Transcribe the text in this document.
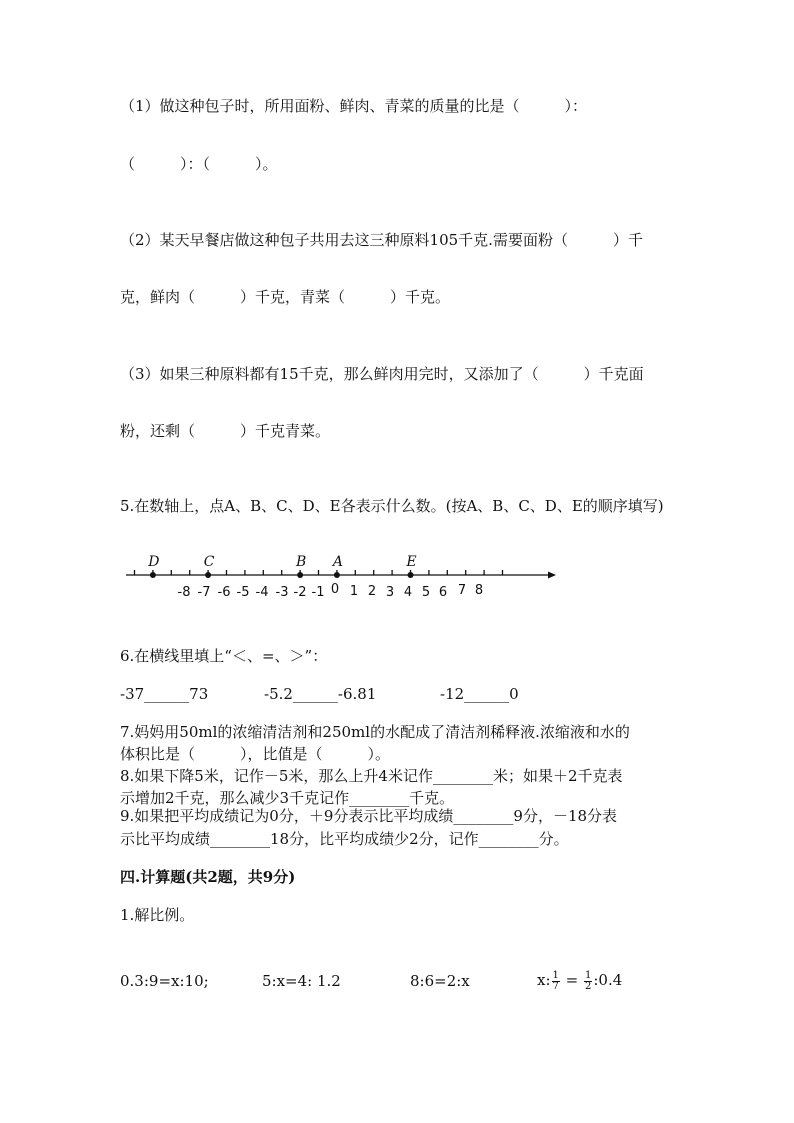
（1）做这种包子时，所用面粉、鲜肉、青菜的质量的比是（　　　）：

（　　　）：（　　　）。

（2）某天早餐店做这种包子共用去这三种原料105千克.需要面粉（　　　）千

克，鲜肉（　　　）千克，青菜（　　　）千克。

（3）如果三种原料都有15千克，那么鲜肉用完时，又添加了（　　　）千克面

粉，还剩（　　　）千克青菜。

5.在数轴上，点A、B、C、D、E各表示什么数。(按A、B、C、D、E的顺序填写)

D	C	B A	E
-8 -7 -6 -5 -4 -3 -2 -1 0 1 2 3 4 5 6 7 8

6.在横线里填上“＜、=、＞”：

-37______73	-5.2______-6.81	-12______0

7.妈妈用50ml的浓缩清洁剂和250ml的水配成了清洁剂稀释液.浓缩液和水的

体积比是（　　　），比值是（　　　）。

8.如果下降5米，记作－5米，那么上升4米记作________米；如果＋2千克表

示增加2千克，那么减少3千克记作________千克。

9.如果把平均成绩记为0分，＋9分表示比平均成绩________9分，－18分表

示比平均成绩________18分，比平均成绩少2分，记作________分。

四.计算题(共2题，共9分)

1.解比例。

0.3:9=x:10;	5:x=4: 1.2	8:6=2:x	x: $\frac{1}{7} = \frac{1}{2}$ :0.4
